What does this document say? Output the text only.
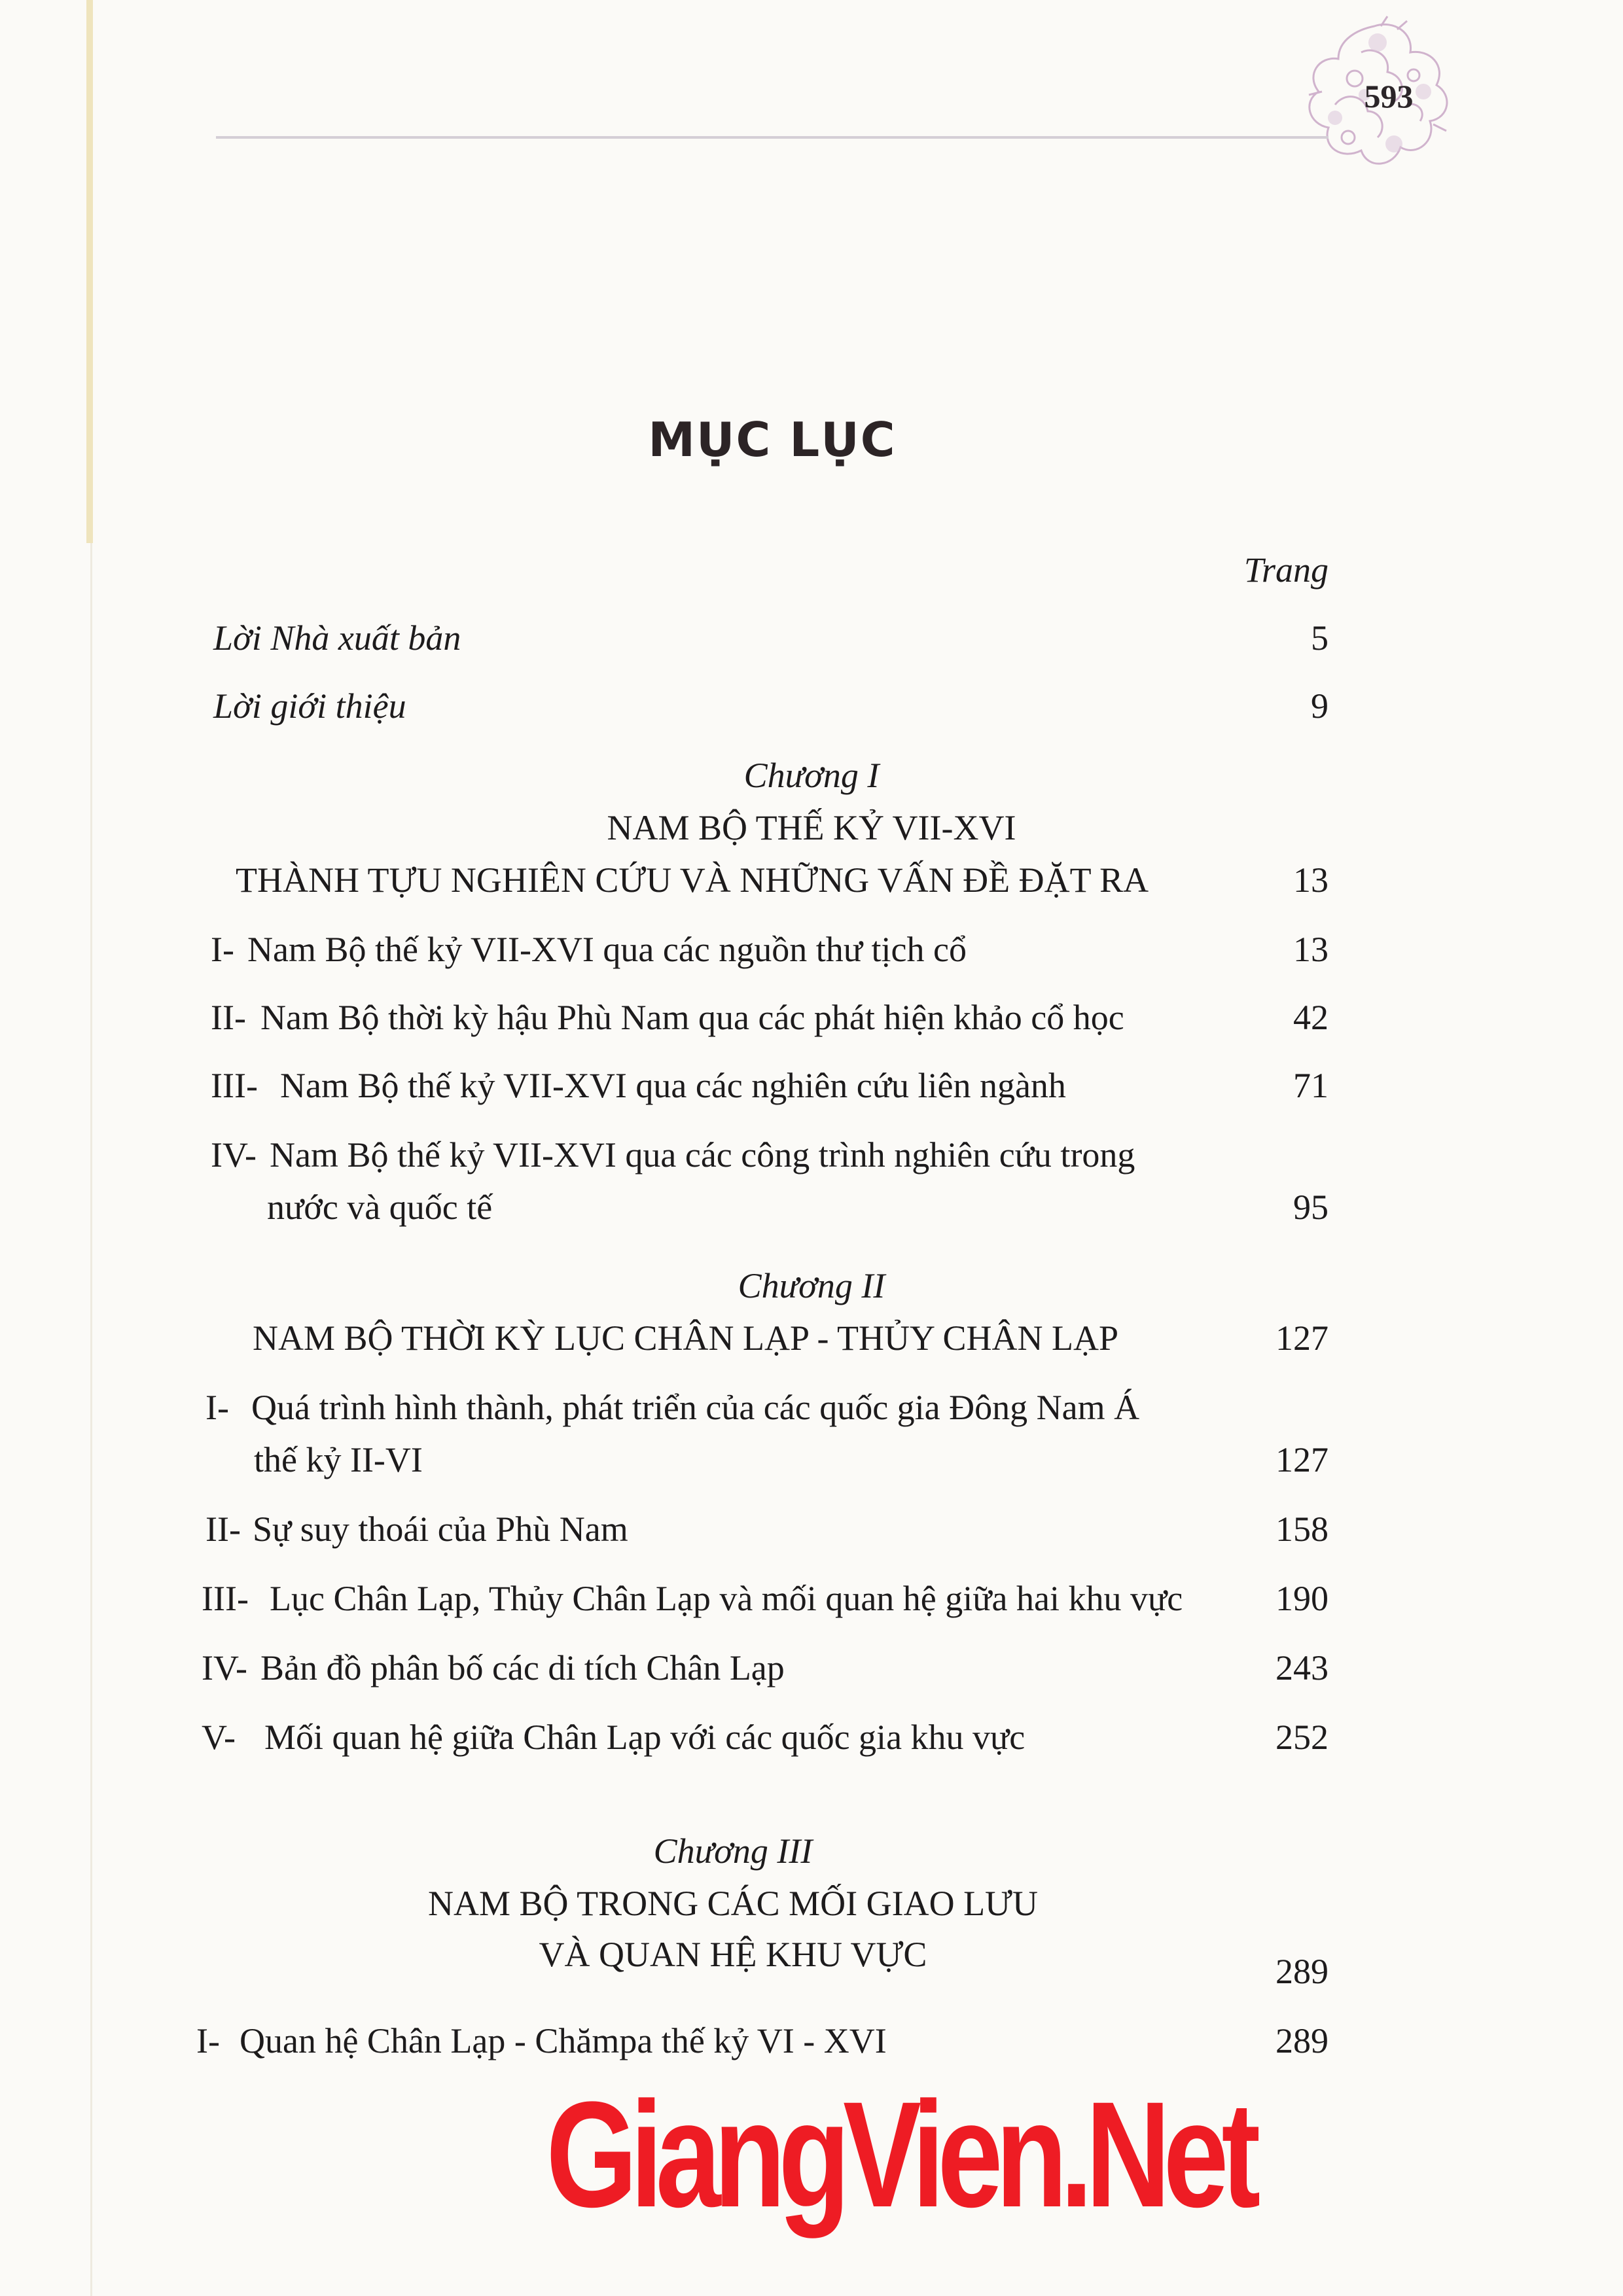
593
MỤC LỤC
Trang
Lời Nhà xuất bản	5
Lời giới thiệu	9
Chương I
NAM BỘ THẾ KỶ VII-XVI
THÀNH TỰU NGHIÊN CỨU VÀ NHỮNG VẤN ĐỀ ĐẶT RA	13
I- Nam Bộ thế kỷ VII-XVI qua các nguồn thư tịch cổ	13
II- Nam Bộ thời kỳ hậu Phù Nam qua các phát hiện khảo cổ học	42
III- Nam Bộ thế kỷ VII-XVI qua các nghiên cứu liên ngành	71
IV- Nam Bộ thế kỷ VII-XVI qua các công trình nghiên cứu trong
nước và quốc tế	95
Chương II
NAM BỘ THỜI KỲ LỤC CHÂN LẠP - THỦY CHÂN LẠP	127
I- Quá trình hình thành, phát triển của các quốc gia Đông Nam Á
thế kỷ II-VI	127
II- Sự suy thoái của Phù Nam	158
III- Lục Chân Lạp, Thủy Chân Lạp và mối quan hệ giữa hai khu vực	190
IV- Bản đồ phân bố các di tích Chân Lạp	243
V- Mối quan hệ giữa Chân Lạp với các quốc gia khu vực	252
Chương III
NAM BỘ TRONG CÁC MỐI GIAO LƯU
VÀ QUAN HỆ KHU VỰC	289
I- Quan hệ Chân Lạp - Chămpa thế kỷ VI - XVI	289
GiangVien.Net
